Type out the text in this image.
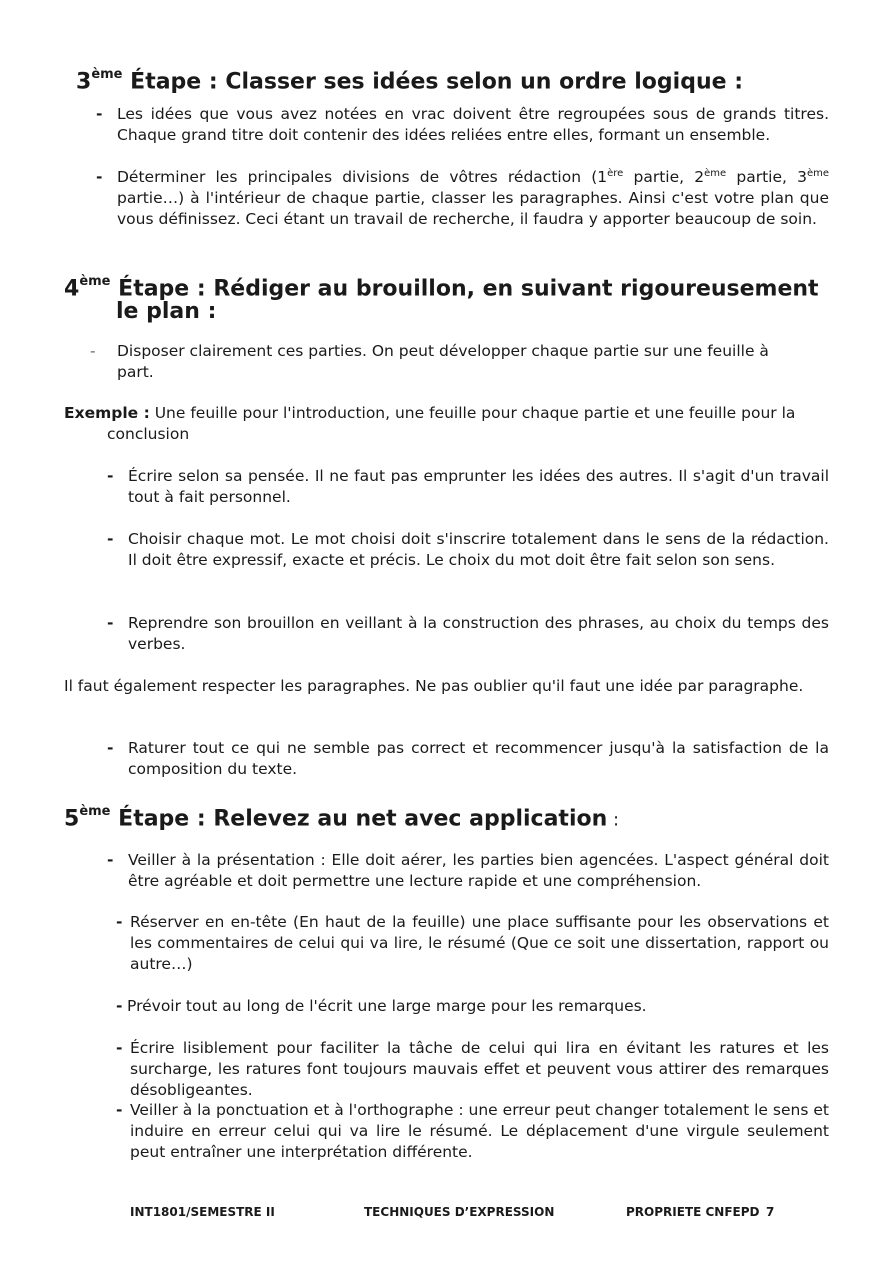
3ème Étape : Classer ses idées selon un ordre logique :
- Les idées que vous avez notées en vrac doivent être regroupées sous de grands titres. Chaque grand titre doit contenir des idées reliées entre elles, formant un ensemble.
- Déterminer les principales divisions de vôtres rédaction (1ère partie, 2ème partie, 3ème partie…) à l'intérieur de chaque partie, classer les paragraphes. Ainsi c'est votre plan que vous définissez. Ceci étant un travail de recherche, il faudra y apporter beaucoup de soin.
4ème Étape : Rédiger au brouillon, en suivant rigoureusement
le plan :
- Disposer clairement ces parties. On peut développer chaque partie sur une feuille à part.
Exemple : Une feuille pour l'introduction, une feuille pour chaque partie et une feuille pour la conclusion
- Écrire selon sa pensée. Il ne faut pas emprunter les idées des autres. Il s'agit d'un travail tout à fait personnel.
- Choisir chaque mot. Le mot choisi doit s'inscrire totalement dans le sens de la rédaction. Il doit être expressif, exacte et précis. Le choix du mot doit être fait selon son sens.
- Reprendre son brouillon en veillant à la construction des phrases, au choix du temps des verbes.
Il faut également respecter les paragraphes. Ne pas oublier qu'il faut une idée par paragraphe.
- Raturer tout ce qui ne semble pas correct et recommencer jusqu'à la satisfaction de la composition du texte.
5ème Étape : Relevez au net avec application :
- Veiller à la présentation : Elle doit aérer, les parties bien agencées. L'aspect général doit être agréable et doit permettre une lecture rapide et une compréhension.
- Réserver en en-tête (En haut de la feuille) une place suffisante pour les observations et les commentaires de celui qui va lire, le résumé (Que ce soit une dissertation, rapport ou autre…)
- Prévoir tout au long de l'écrit une large marge pour les remarques.
- Écrire lisiblement pour faciliter la tâche de celui qui lira en évitant les ratures et les surcharge, les ratures font toujours mauvais effet et peuvent vous attirer des remarques désobligeantes.
- Veiller à la ponctuation et à l'orthographe : une erreur peut changer totalement le sens et induire en erreur celui qui va lire le résumé. Le déplacement d'une virgule seulement peut entraîner une interprétation différente.
INT1801/SEMESTRE II	TECHNIQUES D’EXPRESSION	PROPRIETE CNFEPD 7
